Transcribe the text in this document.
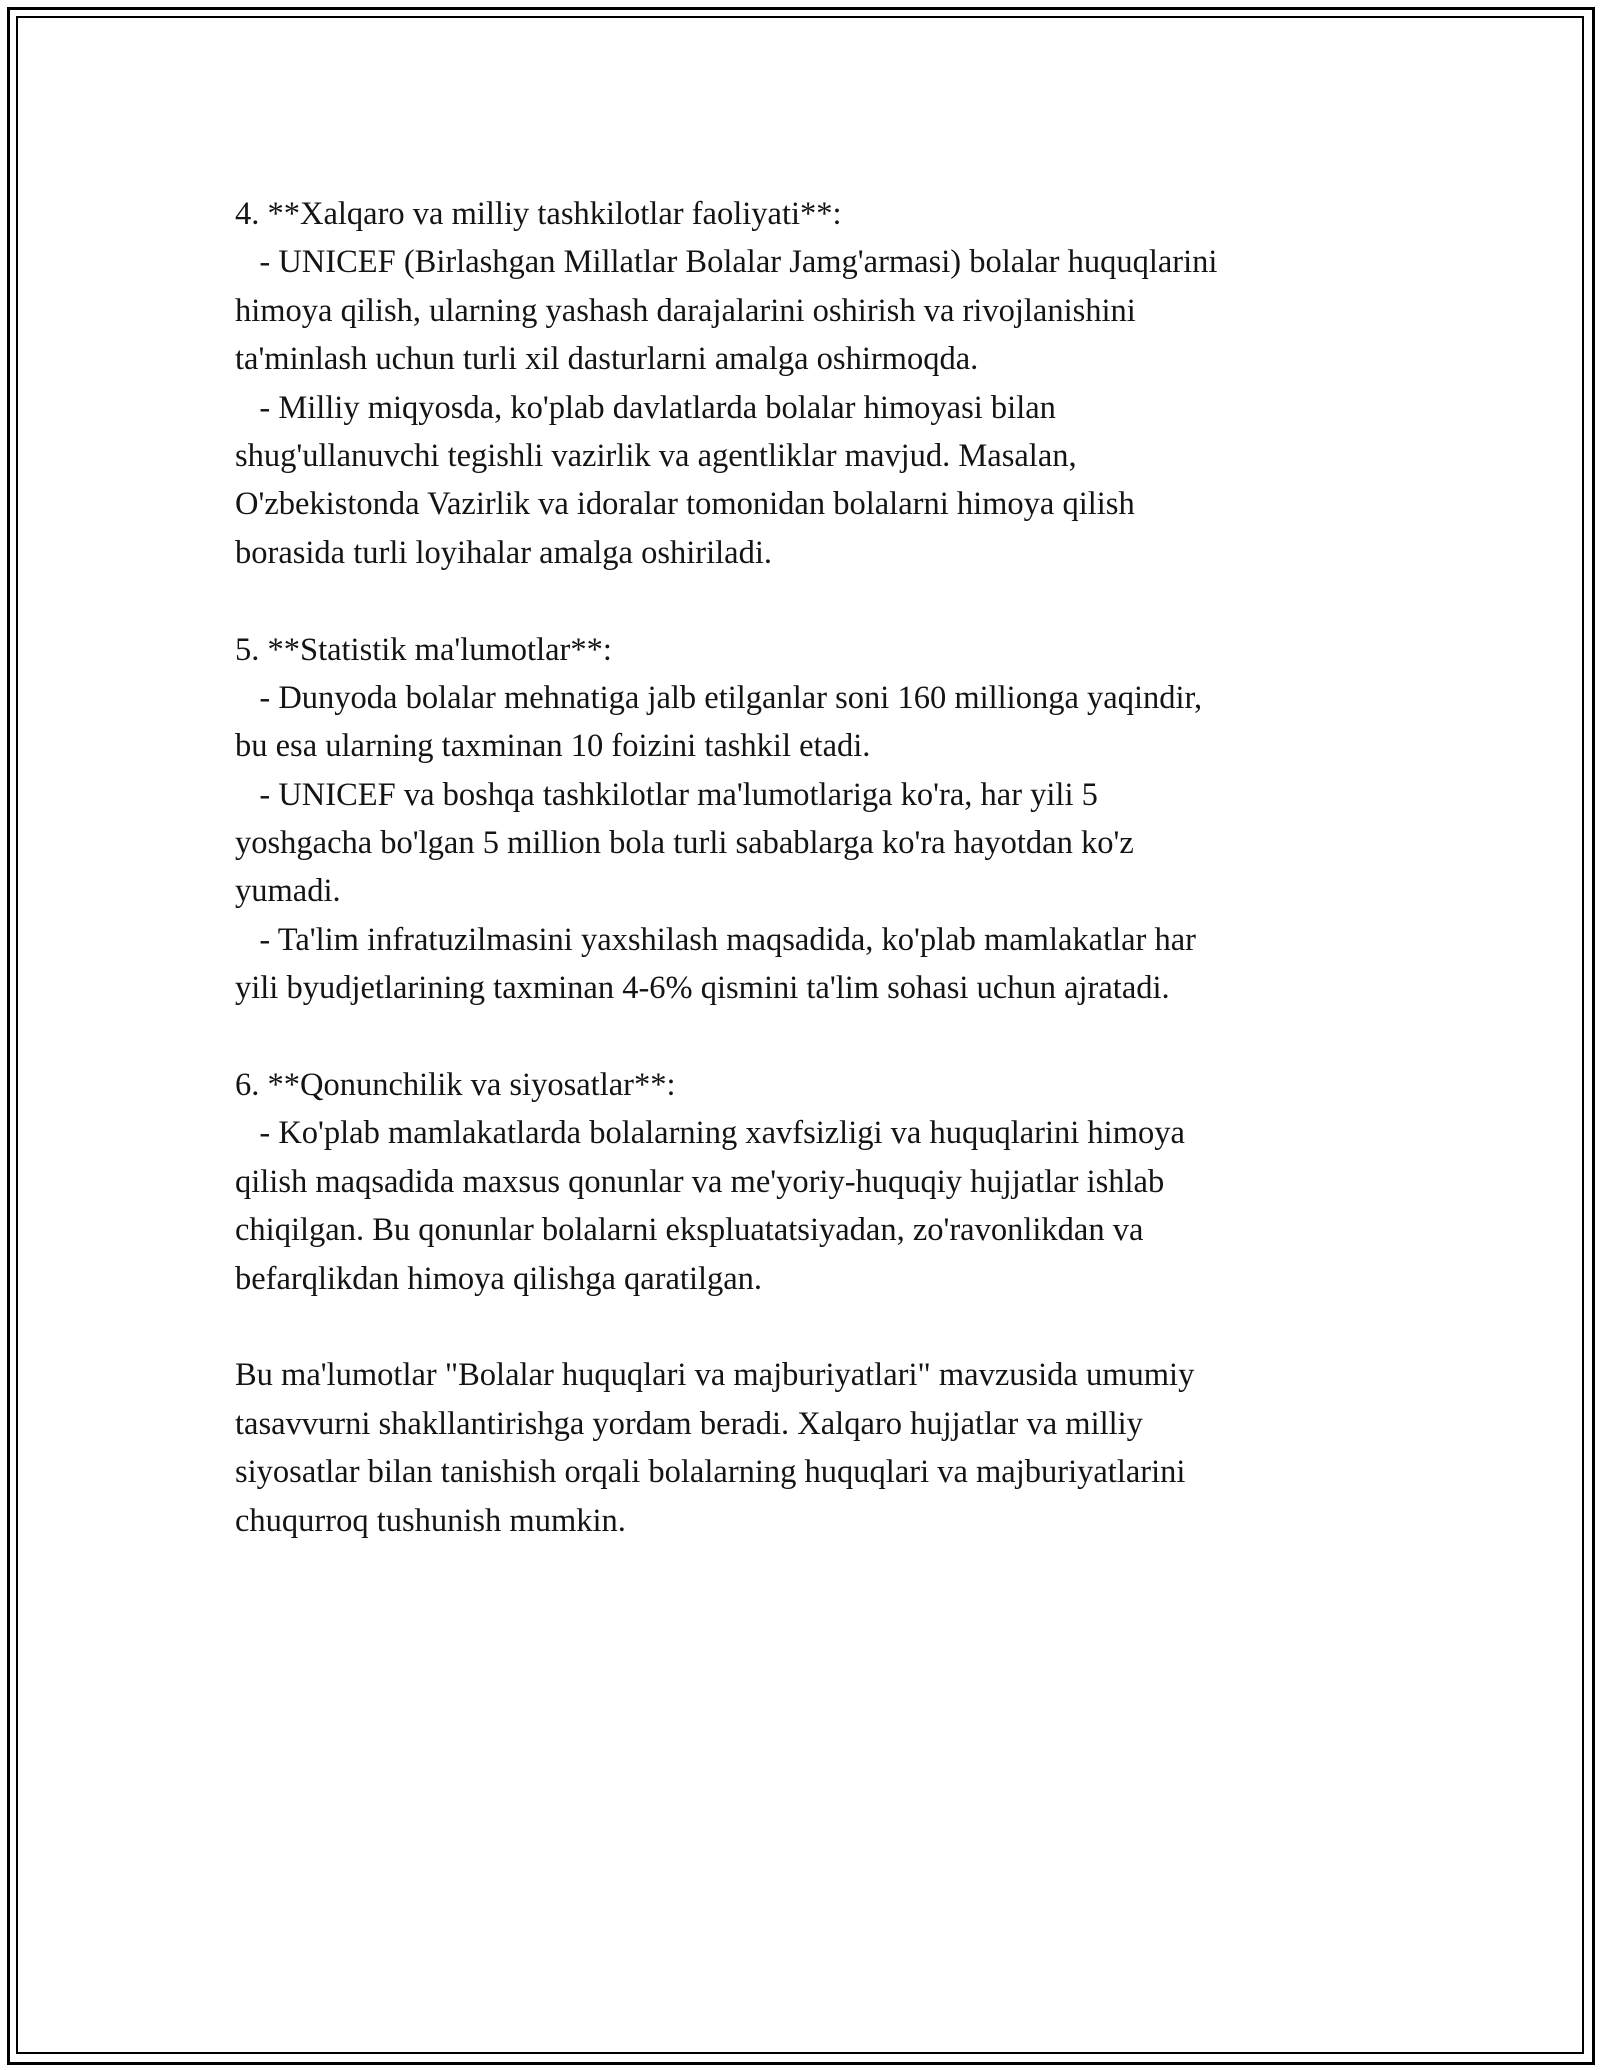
4. **Xalqaro va milliy tashkilotlar faoliyati**:
- UNICEF (Birlashgan Millatlar Bolalar Jamg'armasi) bolalar huquqlarini
himoya qilish, ularning yashash darajalarini oshirish va rivojlanishini
ta'minlash uchun turli xil dasturlarni amalga oshirmoqda.
- Milliy miqyosda, ko'plab davlatlarda bolalar himoyasi bilan
shug'ullanuvchi tegishli vazirlik va agentliklar mavjud. Masalan,
O'zbekistonda Vazirlik va idoralar tomonidan bolalarni himoya qilish
borasida turli loyihalar amalga oshiriladi.
5. **Statistik ma'lumotlar**:
- Dunyoda bolalar mehnatiga jalb etilganlar soni 160 millionga yaqindir,
bu esa ularning taxminan 10 foizini tashkil etadi.
- UNICEF va boshqa tashkilotlar ma'lumotlariga ko'ra, har yili 5
yoshgacha bo'lgan 5 million bola turli sabablarga ko'ra hayotdan ko'z
yumadi.
- Ta'lim infratuzilmasini yaxshilash maqsadida, ko'plab mamlakatlar har
yili byudjetlarining taxminan 4-6% qismini ta'lim sohasi uchun ajratadi.
6. **Qonunchilik va siyosatlar**:
- Ko'plab mamlakatlarda bolalarning xavfsizligi va huquqlarini himoya
qilish maqsadida maxsus qonunlar va me'yoriy-huquqiy hujjatlar ishlab
chiqilgan. Bu qonunlar bolalarni ekspluatatsiyadan, zo'ravonlikdan va
befarqlikdan himoya qilishga qaratilgan.
Bu ma'lumotlar "Bolalar huquqlari va majburiyatlari" mavzusida umumiy
tasavvurni shakllantirishga yordam beradi. Xalqaro hujjatlar va milliy
siyosatlar bilan tanishish orqali bolalarning huquqlari va majburiyatlarini
chuqurroq tushunish mumkin.
